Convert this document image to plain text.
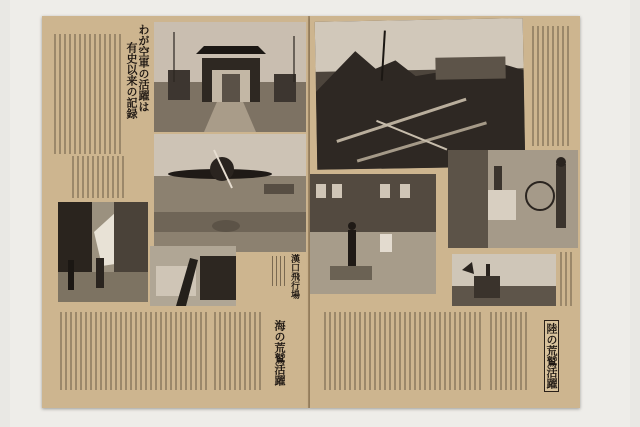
わが空軍の活躍は
有史以来の記録
漢口飛行場
海の荒鷲活躍	陸の荒鷲活躍
